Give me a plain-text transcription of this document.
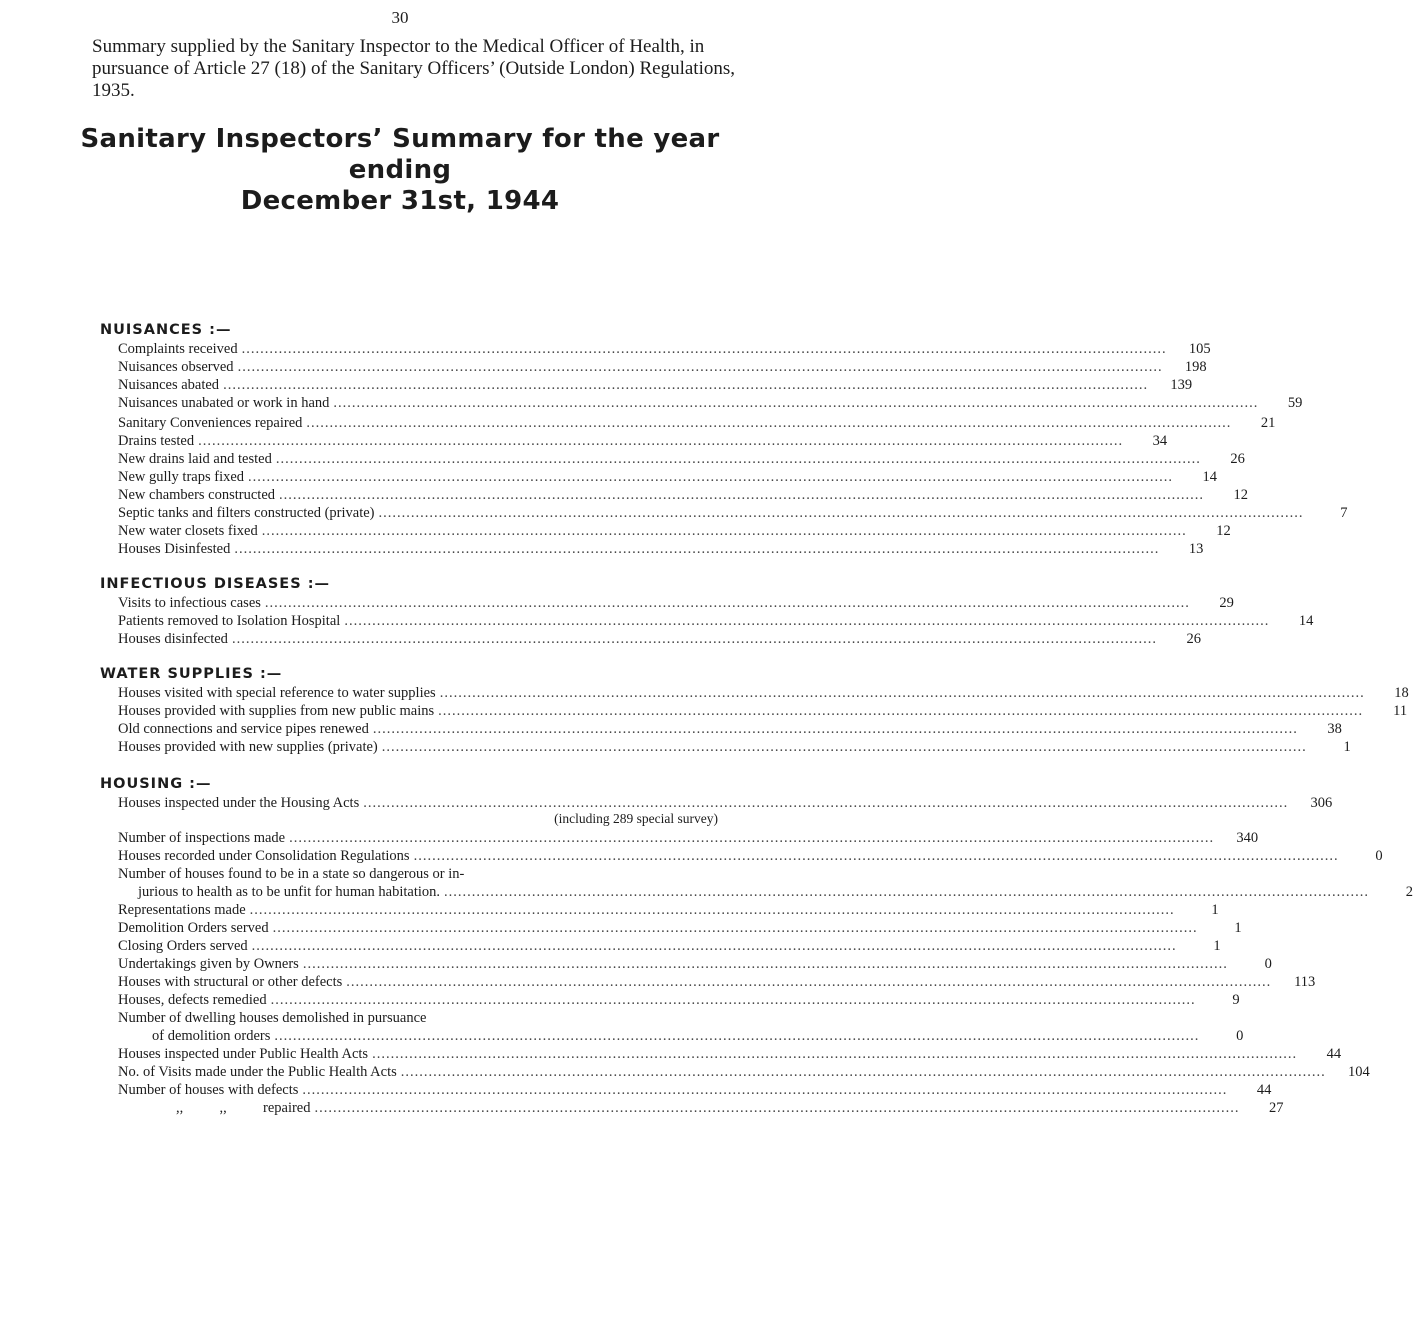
30
Summary supplied by the Sanitary Inspector to the Medical Officer of Health, in pursuance of Article 27 (18) of the Sanitary Officers’ (Outside London) Regulations, 1935.
Sanitary Inspectors’ Summary for the year ending
December 31st, 1944
NUISANCES :—
Complaints received ........................................................................................................................................................................................................	105
Nuisances observed ........................................................................................................................................................................................................	198
Nuisances abated ........................................................................................................................................................................................................	139
Nuisances unabated or work in hand ........................................................................................................................................................................................................	59
Sanitary Conveniences repaired ........................................................................................................................................................................................................	21
Drains tested ........................................................................................................................................................................................................	34
New drains laid and tested ........................................................................................................................................................................................................	26
New gully traps fixed ........................................................................................................................................................................................................	14
New chambers constructed ........................................................................................................................................................................................................	12
Septic tanks and filters constructed (private) ........................................................................................................................................................................................................	7
New water closets fixed ........................................................................................................................................................................................................	12
Houses Disinfested ........................................................................................................................................................................................................	13
INFECTIOUS DISEASES :—
Visits to infectious cases ........................................................................................................................................................................................................	29
Patients removed to Isolation Hospital ........................................................................................................................................................................................................	14
Houses disinfected ........................................................................................................................................................................................................	26
WATER SUPPLIES :—
Houses visited with special reference to water supplies ........................................................................................................................................................................................................	18
Houses provided with supplies from new public mains ........................................................................................................................................................................................................	11
Old connections and service pipes renewed ........................................................................................................................................................................................................	38
Houses provided with new supplies (private) ........................................................................................................................................................................................................	1
HOUSING :—
Houses inspected under the Housing Acts ........................................................................................................................................................................................................	306
(including 289 special survey)
Number of inspections made ........................................................................................................................................................................................................	340
Houses recorded under Consolidation Regulations ........................................................................................................................................................................................................	0
Number of houses found to be in a state so dangerous or in-
jurious to health as to be unfit for human habitation. ........................................................................................................................................................................................................	2
Representations made ........................................................................................................................................................................................................	1
Demolition Orders served ........................................................................................................................................................................................................	1
Closing Orders served ........................................................................................................................................................................................................	1
Undertakings given by Owners ........................................................................................................................................................................................................	0
Houses with structural or other defects ........................................................................................................................................................................................................	113
Houses, defects remedied ........................................................................................................................................................................................................	9
Number of dwelling houses demolished in pursuance
of demolition orders ........................................................................................................................................................................................................	0
Houses inspected under Public Health Acts ........................................................................................................................................................................................................	44
No. of Visits made under the Public Health Acts ........................................................................................................................................................................................................	104
Number of houses with defects ........................................................................................................................................................................................................	44
,,          ,,          repaired ........................................................................................................................................................................................................	27
